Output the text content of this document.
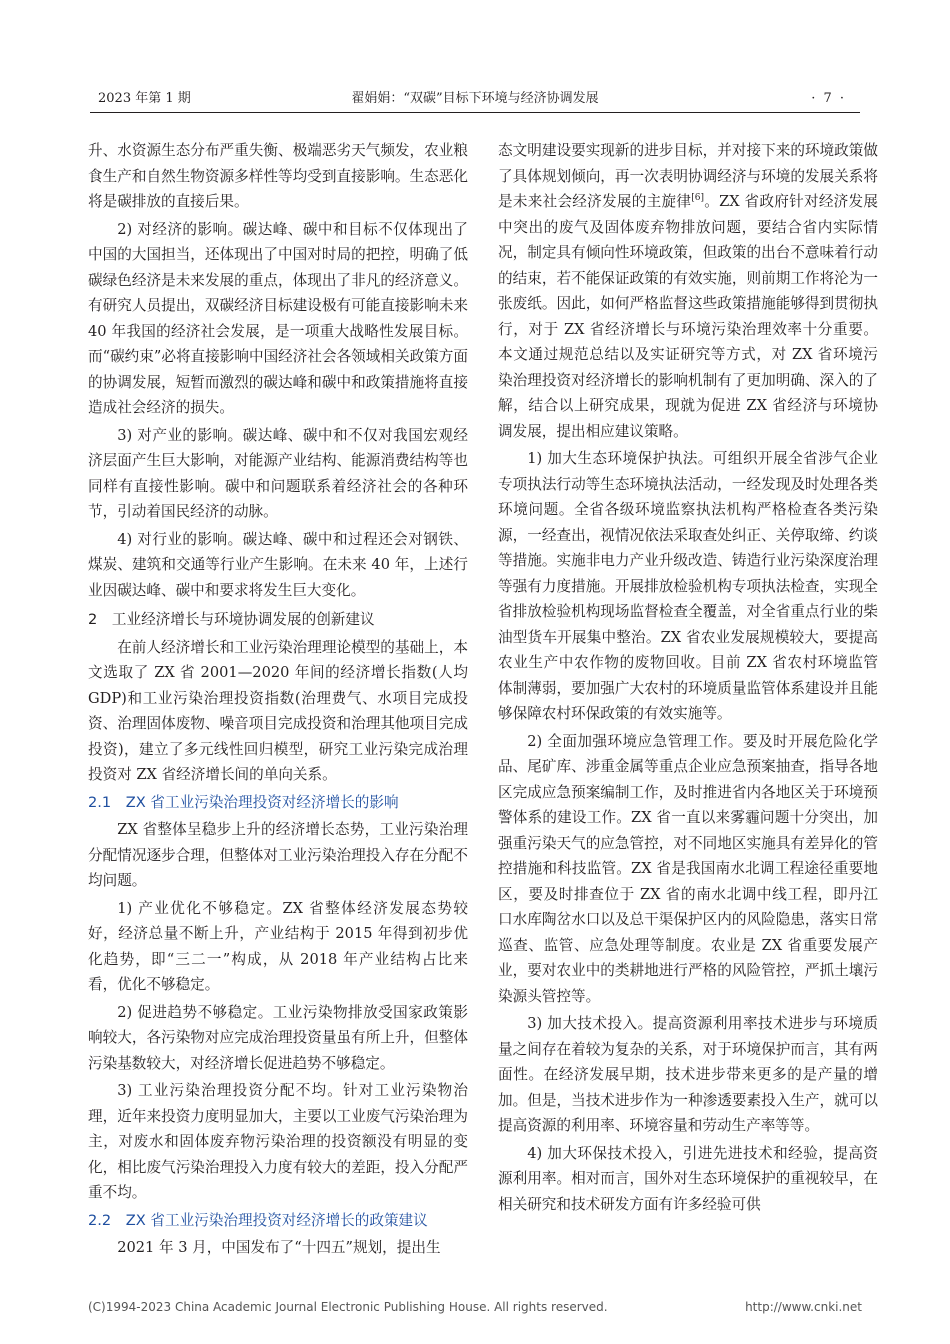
2023 年第 1 期	翟娟娟：“双碳”目标下环境与经济协调发展	· 7 ·

升、水资源生态分布严重失衡、极端恶劣天气频发，农业粮食生产和自然生物资源多样性等均受到直接影响。生态恶化将是碳排放的直接后果。

2) 对经济的影响。碳达峰、碳中和目标不仅体现出了中国的大国担当，还体现出了中国对时局的把控，明确了低碳绿色经济是未来发展的重点，体现出了非凡的经济意义。有研究人员提出，双碳经济目标建设极有可能直接影响未来 40 年我国的经济社会发展，是一项重大战略性发展目标。而“碳约束”必将直接影响中国经济社会各领域相关政策方面的协调发展，短暂而激烈的碳达峰和碳中和政策措施将直接造成社会经济的损失。

3) 对产业的影响。碳达峰、碳中和不仅对我国宏观经济层面产生巨大影响，对能源产业结构、能源消费结构等也同样有直接性影响。碳中和问题联系着经济社会的各种环节，引动着国民经济的动脉。

4) 对行业的影响。碳达峰、碳中和过程还会对钢铁、煤炭、建筑和交通等行业产生影响。在未来 40 年，上述行业因碳达峰、碳中和要求将发生巨大变化。

2　工业经济增长与环境协调发展的创新建议

在前人经济增长和工业污染治理理论模型的基础上，本文选取了 ZX 省 2001—2020 年间的经济增长指数(人均 GDP)和工业污染治理投资指数(治理费气、水项目完成投资、治理固体废物、噪音项目完成投资和治理其他项目完成投资)，建立了多元线性回归模型，研究工业污染完成治理投资对 ZX 省经济增长间的单向关系。

2.1　ZX 省工业污染治理投资对经济增长的影响

ZX 省整体呈稳步上升的经济增长态势，工业污染治理分配情况逐步合理，但整体对工业污染治理投入存在分配不均问题。

1) 产业优化不够稳定。ZX 省整体经济发展态势较好，经济总量不断上升，产业结构于 2015 年得到初步优化趋势，即“三二一”构成，从 2018 年产业结构占比来看，优化不够稳定。

2) 促进趋势不够稳定。工业污染物排放受国家政策影响较大，各污染物对应完成治理投资量虽有所上升，但整体污染基数较大，对经济增长促进趋势不够稳定。

3) 工业污染治理投资分配不均。针对工业污染物治理，近年来投资力度明显加大，主要以工业废气污染治理为主，对废水和固体废弃物污染治理的投资额没有明显的变化，相比废气污染治理投入力度有较大的差距，投入分配严重不均。

2.2　ZX 省工业污染治理投资对经济增长的政策建议

2021 年 3 月，中国发布了“十四五”规划，提出生

态文明建设要实现新的进步目标，并对接下来的环境政策做了具体规划倾向，再一次表明协调经济与环境的发展关系将是未来社会经济发展的主旋律[6]。ZX 省政府针对经济发展中突出的废气及固体废弃物排放问题，要结合省内实际情况，制定具有倾向性环境政策，但政策的出台不意味着行动的结束，若不能保证政策的有效实施，则前期工作将沦为一张废纸。因此，如何严格监督这些政策措施能够得到贯彻执行，对于 ZX 省经济增长与环境污染治理效率十分重要。本文通过规范总结以及实证研究等方式，对 ZX 省环境污染治理投资对经济增长的影响机制有了更加明确、深入的了解，结合以上研究成果，现就为促进 ZX 省经济与环境协调发展，提出相应建议策略。

1) 加大生态环境保护执法。可组织开展全省涉气企业专项执法行动等生态环境执法活动，一经发现及时处理各类环境问题。全省各级环境监察执法机构严格检查各类污染源，一经查出，视情况依法采取查处纠正、关停取缔、约谈等措施。实施非电力产业升级改造、铸造行业污染深度治理等强有力度措施。开展排放检验机构专项执法检查，实现全省排放检验机构现场监督检查全覆盖，对全省重点行业的柴油型货车开展集中整治。ZX 省农业发展规模较大，要提高农业生产中农作物的废物回收。目前 ZX 省农村环境监管体制薄弱，要加强广大农村的环境质量监管体系建设并且能够保障农村环保政策的有效实施等。

2) 全面加强环境应急管理工作。要及时开展危险化学品、尾矿库、涉重金属等重点企业应急预案抽查，指导各地区完成应急预案编制工作，及时推进省内各地区关于环境预警体系的建设工作。ZX 省一直以来雾霾问题十分突出，加强重污染天气的应急管控，对不同地区实施具有差异化的管控措施和科技监管。ZX 省是我国南水北调工程途径重要地区，要及时排查位于 ZX 省的南水北调中线工程，即丹江口水库陶岔水口以及总干渠保护区内的风险隐患，落实日常巡查、监管、应急处理等制度。农业是 ZX 省重要发展产业，要对农业中的类耕地进行严格的风险管控，严抓土壤污染源头管控等。

3) 加大技术投入。提高资源利用率技术进步与环境质量之间存在着较为复杂的关系，对于环境保护而言，其有两面性。在经济发展早期，技术进步带来更多的是产量的增加。但是，当技术进步作为一种渗透要素投入生产，就可以提高资源的利用率、环境容量和劳动生产率等等。

4) 加大环保技术投入，引进先进技术和经验，提高资源利用率。相对而言，国外对生态环境保护的重视较早，在相关研究和技术研发方面有许多经验可供

(C)1994-2023 China Academic Journal Electronic Publishing House. All rights reserved.	http://www.cnki.net
